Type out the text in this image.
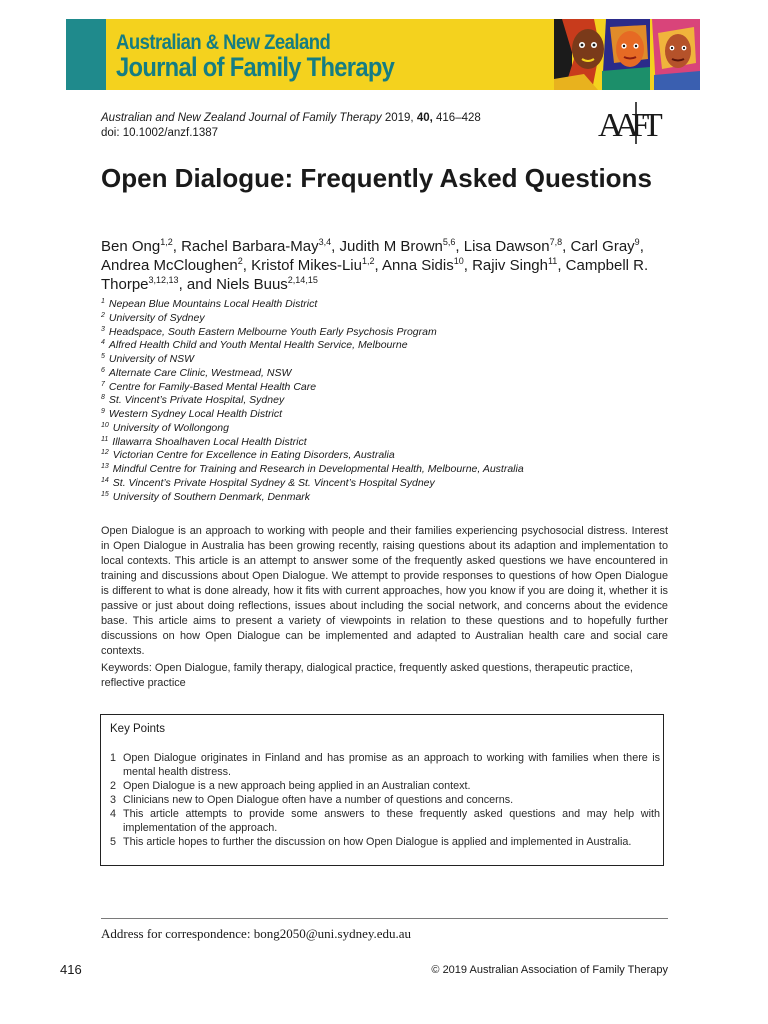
Australian & New Zealand
Journal of Family Therapy
Australian and New Zealand Journal of Family Therapy 2019, 40, 416–428
doi: 10.1002/anzf.1387	AAFT
Open Dialogue: Frequently Asked Questions
Ben Ong$^{1,2}$, Rachel Barbara-May$^{3,4}$, Judith M Brown$^{5,6}$, Lisa Dawson$^{7,8}$, Carl Gray$^9$, Andrea McCloughen$^2$, Kristof Mikes-Liu$^{1,2}$, Anna Sidis$^{10}$, Rajiv Singh$^{11}$, Campbell R. Thorpe$^{3,12,13}$, and Niels Buus$^{2,14,15}$
$^1$ Nepean Blue Mountains Local Health District
$^2$ University of Sydney
$^3$ Headspace, South Eastern Melbourne Youth Early Psychosis Program
$^4$ Alfred Health Child and Youth Mental Health Service, Melbourne
$^5$ University of NSW
$^6$ Alternate Care Clinic, Westmead, NSW
$^7$ Centre for Family-Based Mental Health Care
$^8$ St. Vincent’s Private Hospital, Sydney
$^9$ Western Sydney Local Health District
$^{10}$ University of Wollongong
$^{11}$ Illawarra Shoalhaven Local Health District
$^{12}$ Victorian Centre for Excellence in Eating Disorders, Australia
$^{13}$ Mindful Centre for Training and Research in Developmental Health, Melbourne, Australia
$^{14}$ St. Vincent’s Private Hospital Sydney & St. Vincent’s Hospital Sydney
$^{15}$ University of Southern Denmark, Denmark

Open Dialogue is an approach to working with people and their families experiencing psychosocial distress. Interest in Open Dialogue in Australia has been growing recently, raising questions about its adaption and implementation to local contexts. This article is an attempt to answer some of the frequently asked questions we have encountered in training and discussions about Open Dialogue. We attempt to provide responses to questions of how Open Dialogue is different to what is done already, how it fits with current approaches, how you know if you are doing it, whether it is passive or just about doing reflections, issues about including the social network, and concerns about the evidence base. This article aims to present a variety of viewpoints in relation to these questions and to hopefully further discussions on how Open Dialogue can be implemented and adapted to Australian health care and social care contexts.

Keywords: Open Dialogue, family therapy, dialogical practice, frequently asked questions, therapeutic practice, reflective practice

Key Points
1 Open Dialogue originates in Finland and has promise as an approach to working with families when there is mental health distress.
2 Open Dialogue is a new approach being applied in an Australian context.
3 Clinicians new to Open Dialogue often have a number of questions and concerns.
4 This article attempts to provide some answers to these frequently asked questions and may help with implementation of the approach.
5 This article hopes to further the discussion on how Open Dialogue is applied and implemented in Australia.
Address for correspondence: bong2050@uni.sydney.edu.au
416	© 2019 Australian Association of Family Therapy
